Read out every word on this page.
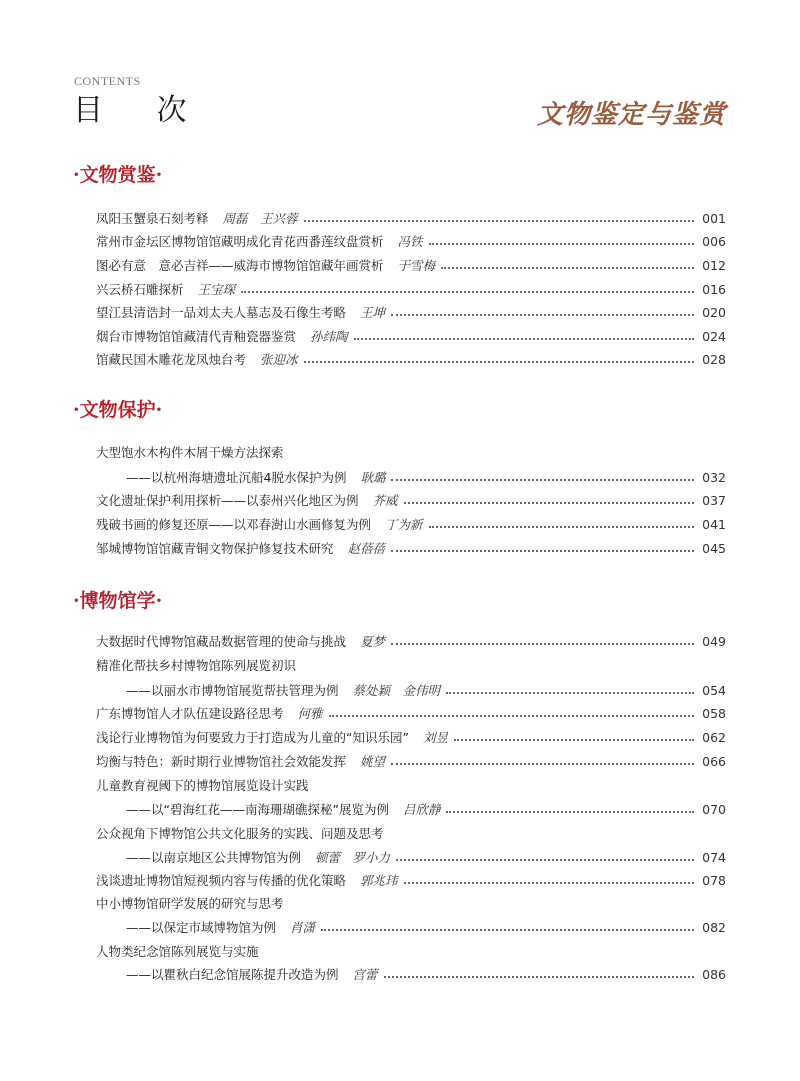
CONTENTS
目 次	文物鉴定与鉴赏
·文物赏鉴·
凤阳玉蟹泉石刻考释 周磊　王兴蓉	001
常州市金坛区博物馆馆藏明成化青花西番莲纹盘赏析 冯铁	006
图必有意　意必吉祥——威海市博物馆馆藏年画赏析 于雪梅	012
兴云桥石雕探析 王宝琛	016
望江县清诰封一品刘太夫人墓志及石像生考略 王坤	020
烟台市博物馆馆藏清代青釉瓷器鉴赏 孙纬陶	024
馆藏民国木雕花龙凤烛台考 张迎冰	028
·文物保护·
大型饱水木构件木屑干燥方法探索
——以杭州海塘遗址沉船4脱水保护为例 耿璐	032
文化遗址保护利用探析——以泰州兴化地区为例 芥威	037
残破书画的修复还原——以邓春澍山水画修复为例 丁为新	041
邹城博物馆馆藏青铜文物保护修复技术研究 赵蓓蓓	045
·博物馆学·
大数据时代博物馆藏品数据管理的使命与挑战 夏梦	049
精准化帮扶乡村博物馆陈列展览初识
——以丽水市博物馆展览帮扶管理为例 蔡处颖　金伟明	054
广东博物馆人才队伍建设路径思考 何雅	058
浅论行业博物馆为何要致力于打造成为儿童的“知识乐园” 刘昱	062
均衡与特色：新时期行业博物馆社会效能发挥 姚望	066
儿童教育视阈下的博物馆展览设计实践
——以“碧海红花——南海珊瑚礁探秘”展览为例 吕欣静	070
公众视角下博物馆公共文化服务的实践、问题及思考
——以南京地区公共博物馆为例 顿蕾　罗小力	074
浅谈遗址博物馆短视频内容与传播的优化策略 郭兆玮	078
中小博物馆研学发展的研究与思考
——以保定市域博物馆为例 肖潇	082
人物类纪念馆陈列展览与实施
——以瞿秋白纪念馆展陈提升改造为例 宫蕾	086
